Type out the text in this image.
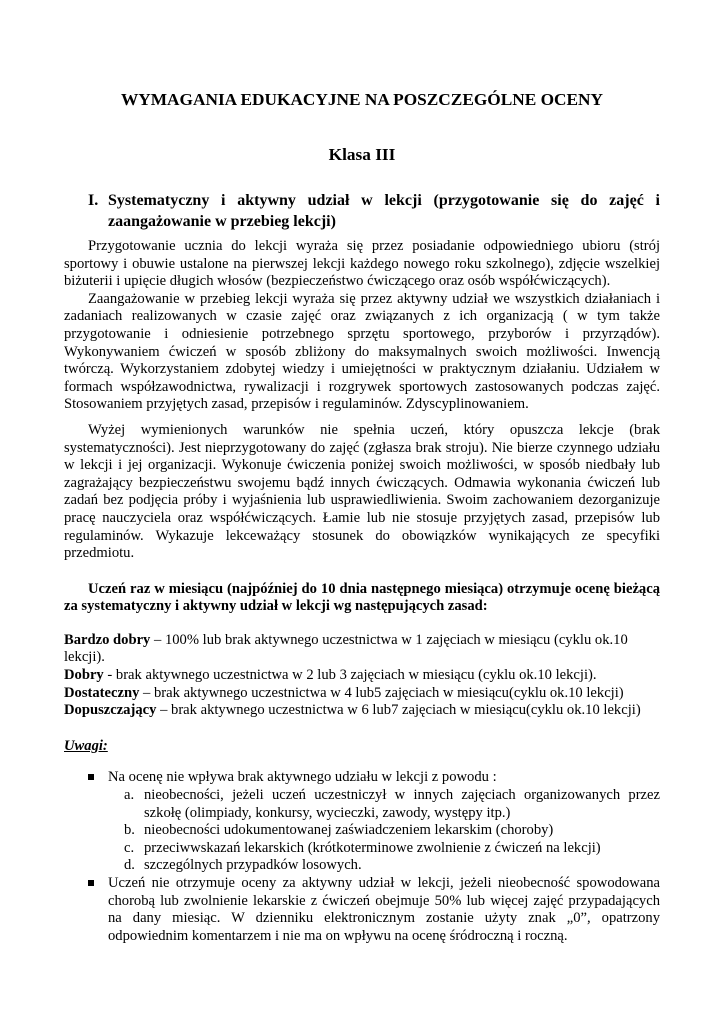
WYMAGANIA EDUKACYJNE NA POSZCZEGÓLNE OCENY
Klasa III
I. Systematyczny i aktywny udział w lekcji (przygotowanie się do zajęć i zaangażowanie w przebieg lekcji)

Przygotowanie ucznia do lekcji wyraża się przez posiadanie odpowiedniego ubioru (strój sportowy i obuwie ustalone na pierwszej lekcji każdego nowego roku szkolnego), zdjęcie wszelkiej biżuterii i upięcie długich włosów (bezpieczeństwo ćwiczącego oraz osób współćwiczących).

Zaangażowanie w przebieg lekcji wyraża się przez aktywny udział we wszystkich działaniach i zadaniach realizowanych w czasie zajęć oraz związanych z ich organizacją ( w tym także przygotowanie i odniesienie potrzebnego sprzętu sportowego, przyborów i przyrządów). Wykonywaniem ćwiczeń w sposób zbliżony do maksymalnych swoich możliwości. Inwencją twórczą. Wykorzystaniem zdobytej wiedzy i umiejętności w praktycznym działaniu. Udziałem w formach współzawodnictwa, rywalizacji i rozgrywek sportowych zastosowanych podczas zajęć. Stosowaniem przyjętych zasad, przepisów i regulaminów. Zdyscyplinowaniem.

Wyżej wymienionych warunków nie spełnia uczeń, który opuszcza lekcje (brak systematyczności). Jest nieprzygotowany do zajęć (zgłasza brak stroju). Nie bierze czynnego udziału w lekcji i jej organizacji. Wykonuje ćwiczenia poniżej swoich możliwości, w sposób niedbały lub zagrażający bezpieczeństwu swojemu bądź innych ćwiczących. Odmawia wykonania ćwiczeń lub zadań bez podjęcia próby i wyjaśnienia lub usprawiedliwienia. Swoim zachowaniem dezorganizuje pracę nauczyciela oraz współćwiczących. Łamie lub nie stosuje przyjętych zasad, przepisów lub regulaminów. Wykazuje lekceważący stosunek do obowiązków wynikających ze specyfiki przedmiotu.

Uczeń raz w miesiącu (najpóźniej do 10 dnia następnego miesiąca) otrzymuje ocenę bieżącą za systematyczny i aktywny udział w lekcji wg następujących zasad:

Bardzo dobry – 100% lub brak aktywnego uczestnictwa w 1 zajęciach w miesiącu (cyklu ok.10

lekcji).

Dobry - brak aktywnego uczestnictwa w 2 lub 3 zajęciach w miesiącu (cyklu ok.10 lekcji).

Dostateczny – brak aktywnego uczestnictwa w 4 lub5 zajęciach w miesiącu(cyklu ok.10 lekcji)

Dopuszczający – brak aktywnego uczestnictwa w 6 lub7 zajęciach w miesiącu(cyklu ok.10 lekcji)

Uwagi:

Na ocenę nie wpływa brak aktywnego udziału w lekcji z powodu :
a. nieobecności, jeżeli uczeń uczestniczył w innych zajęciach organizowanych przez szkołę (olimpiady, konkursy, wycieczki, zawody, występy itp.)
b. nieobecności udokumentowanej zaświadczeniem lekarskim (choroby)
c. przeciwwskazań lekarskich (krótkoterminowe zwolnienie z ćwiczeń na lekcji)
d. szczególnych przypadków losowych.
Uczeń nie otrzymuje oceny za aktywny udział w lekcji, jeżeli nieobecność spowodowana chorobą lub zwolnienie lekarskie z ćwiczeń obejmuje 50% lub więcej zajęć przypadających na dany miesiąc. W dzienniku elektronicznym zostanie użyty znak „0”, opatrzony odpowiednim komentarzem i nie ma on wpływu na ocenę śródroczną i roczną.
